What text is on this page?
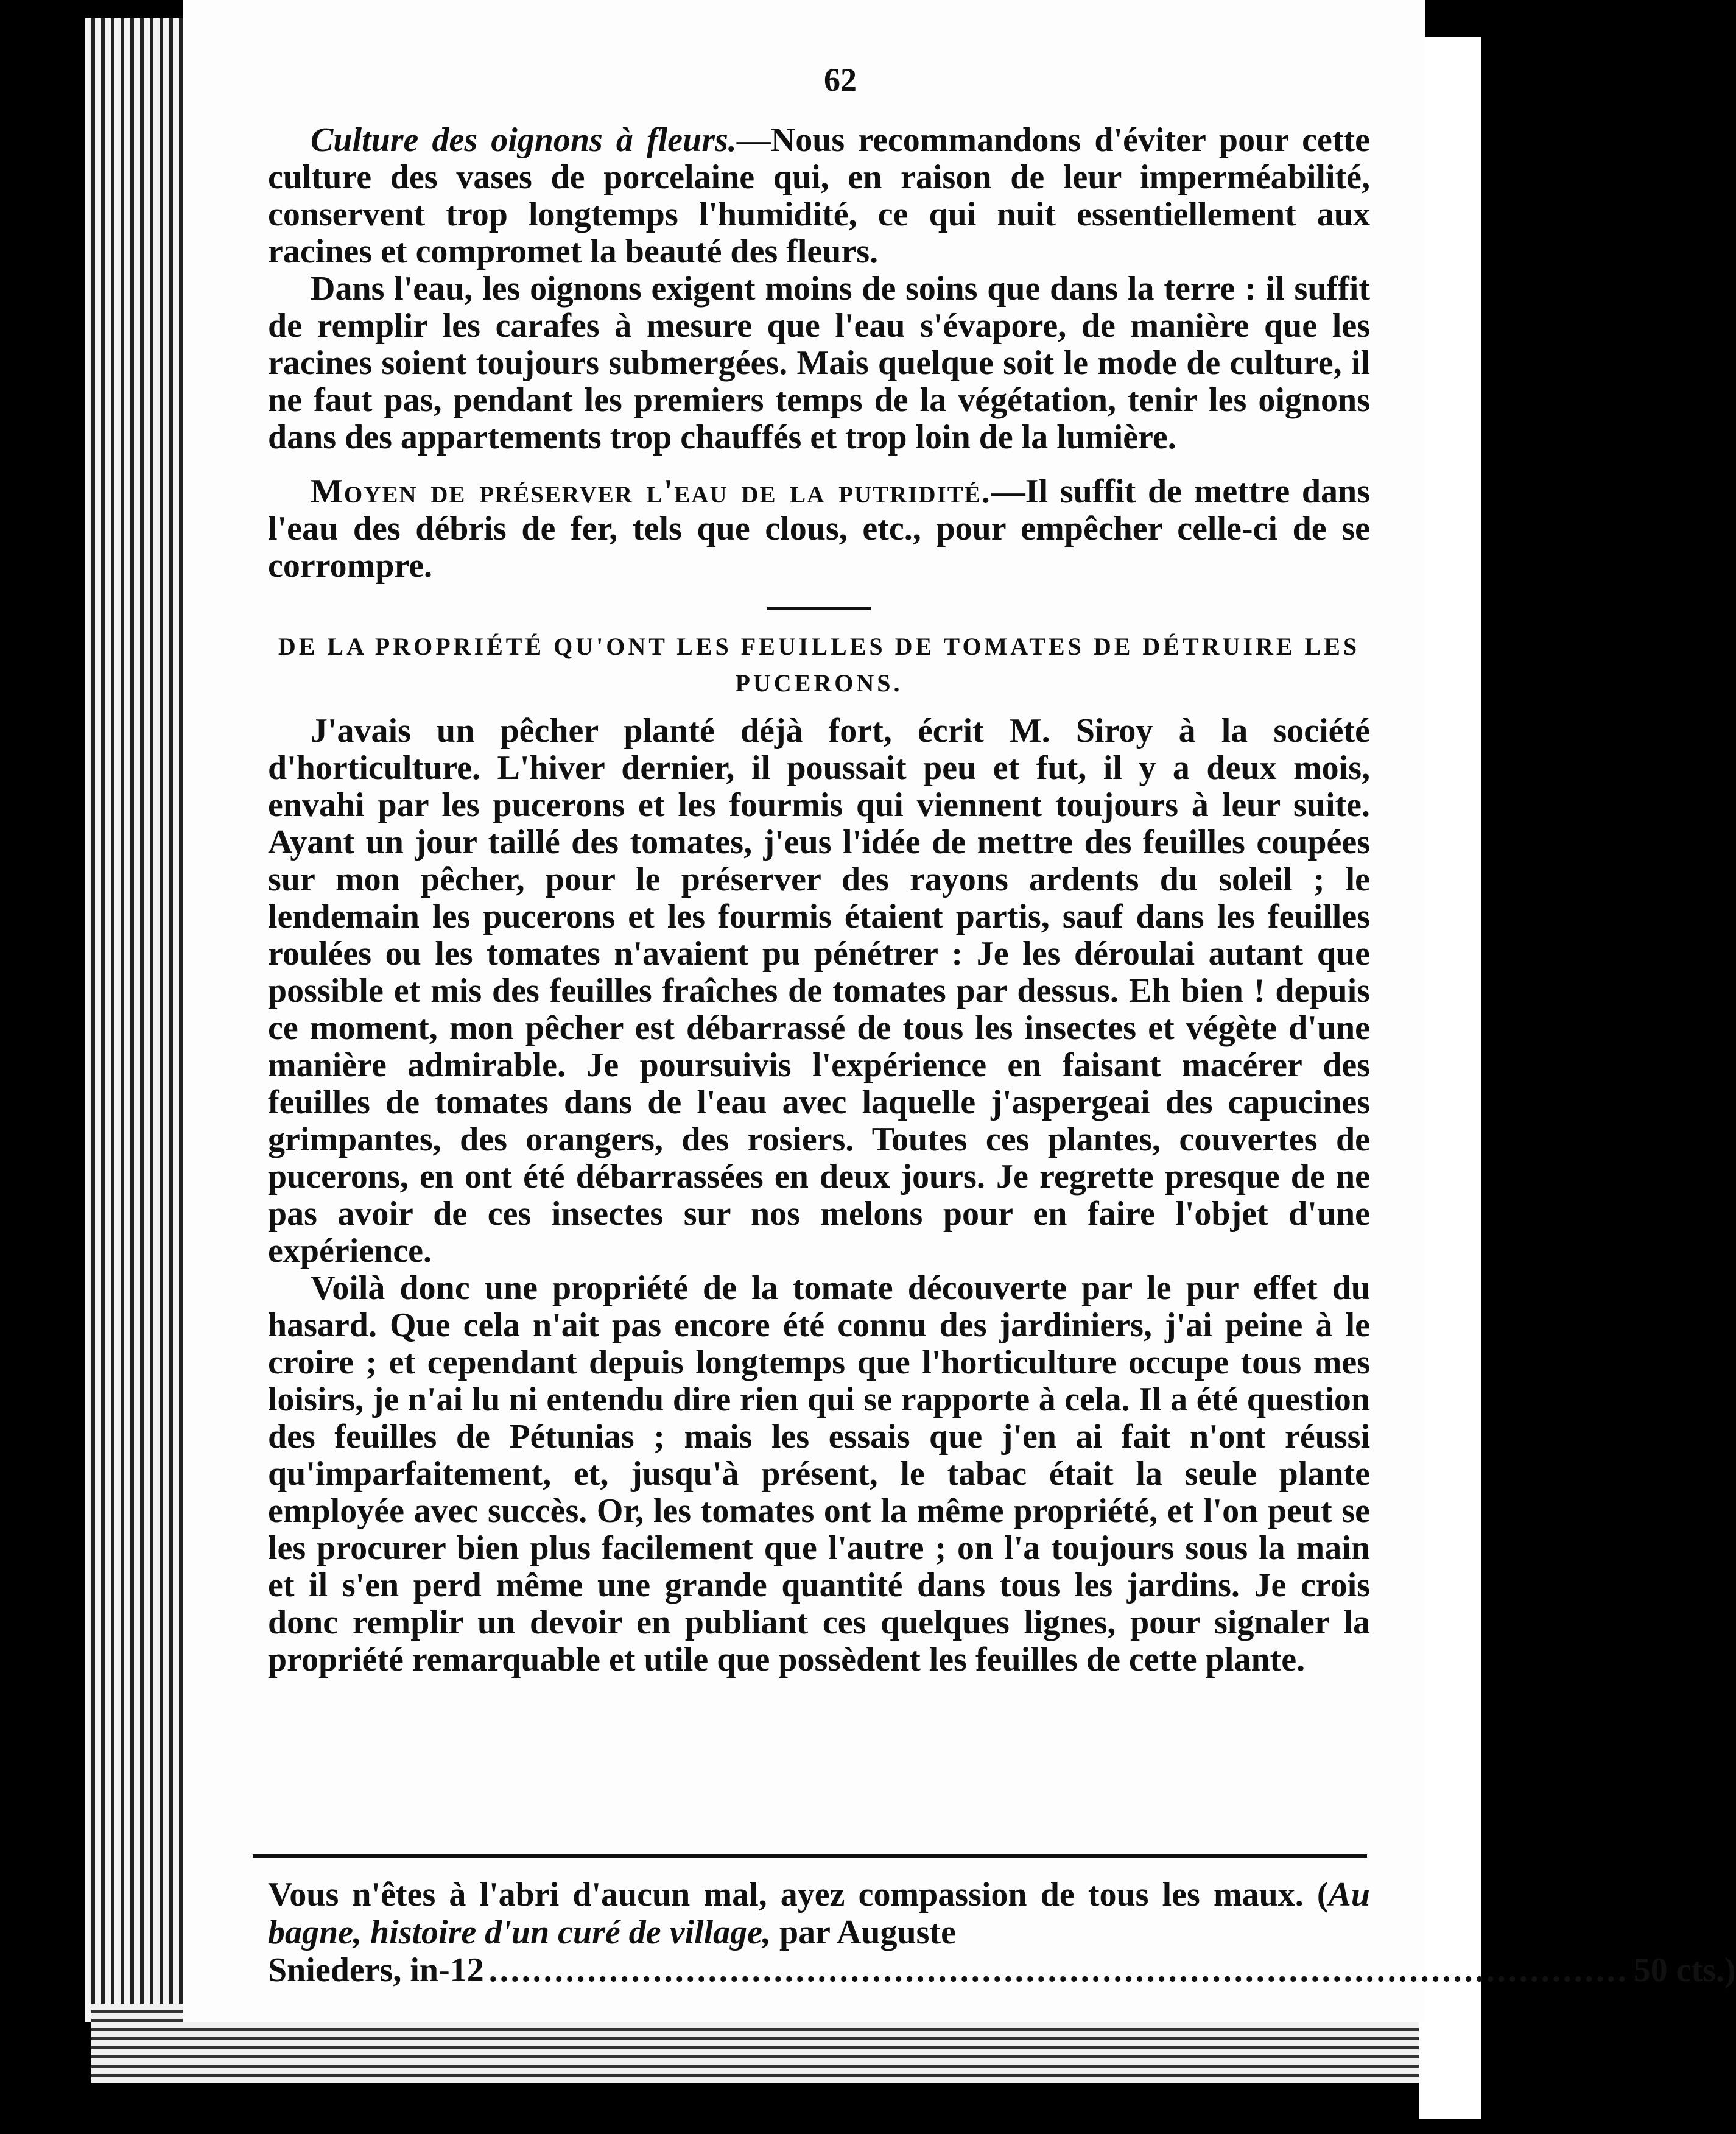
62

Culture des oignons à fleurs.—Nous recommandons d'éviter pour cette culture des vases de porcelaine qui, en raison de leur imperméabilité, conservent trop longtemps l'humidité, ce qui nuit essentiellement aux racines et compromet la beauté des fleurs.

Dans l'eau, les oignons exigent moins de soins que dans la terre : il suffit de remplir les carafes à mesure que l'eau s'évapore, de manière que les racines soient toujours submergées. Mais quelque soit le mode de culture, il ne faut pas, pendant les premiers temps de la végétation, tenir les oignons dans des appartements trop chauffés et trop loin de la lumière.

Moyen de préserver l'eau de la putridité.—Il suffit de mettre dans l'eau des débris de fer, tels que clous, etc., pour empêcher celle-ci de se corrompre.

DE LA PROPRIÉTÉ QU'ONT LES FEUILLES DE TOMATES DE DÉTRUIRE LES
PUCERONS.

J'avais un pêcher planté déjà fort, écrit M. Siroy à la société d'horticulture. L'hiver dernier, il poussait peu et fut, il y a deux mois, envahi par les pucerons et les fourmis qui viennent toujours à leur suite. Ayant un jour taillé des tomates, j'eus l'idée de mettre des feuilles coupées sur mon pêcher, pour le préserver des rayons ardents du soleil ; le lendemain les pucerons et les fourmis étaient partis, sauf dans les feuilles roulées ou les tomates n'avaient pu pénétrer : Je les déroulai autant que possible et mis des feuilles fraîches de tomates par dessus. Eh bien ! depuis ce moment, mon pêcher est débarrassé de tous les insectes et végète d'une manière admirable. Je poursuivis l'expérience en faisant macérer des feuilles de tomates dans de l'eau avec laquelle j'aspergeai des capucines grimpantes, des orangers, des rosiers. Toutes ces plantes, couvertes de pucerons, en ont été débarrassées en deux jours. Je regrette presque de ne pas avoir de ces insectes sur nos melons pour en faire l'objet d'une expérience.

Voilà donc une propriété de la tomate découverte par le pur effet du hasard. Que cela n'ait pas encore été connu des jardiniers, j'ai peine à le croire ; et cependant depuis longtemps que l'horticulture occupe tous mes loisirs, je n'ai lu ni entendu dire rien qui se rapporte à cela. Il a été question des feuilles de Pétunias ; mais les essais que j'en ai fait n'ont réussi qu'imparfaitement, et, jusqu'à présent, le tabac était la seule plante employée avec succès. Or, les tomates ont la même propriété, et l'on peut se les procurer bien plus facilement que l'autre ; on l'a toujours sous la main et il s'en perd même une grande quantité dans tous les jardins. Je crois donc remplir un devoir en publiant ces quelques lignes, pour signaler la propriété remarquable et utile que possèdent les feuilles de cette plante.

Vous n'êtes à l'abri d'aucun mal, ayez compassion de tous les maux. (Au bagne, histoire d'un curé de village, par Auguste
Snieders, in-12 ........................................................................................................ 50 cts.)
